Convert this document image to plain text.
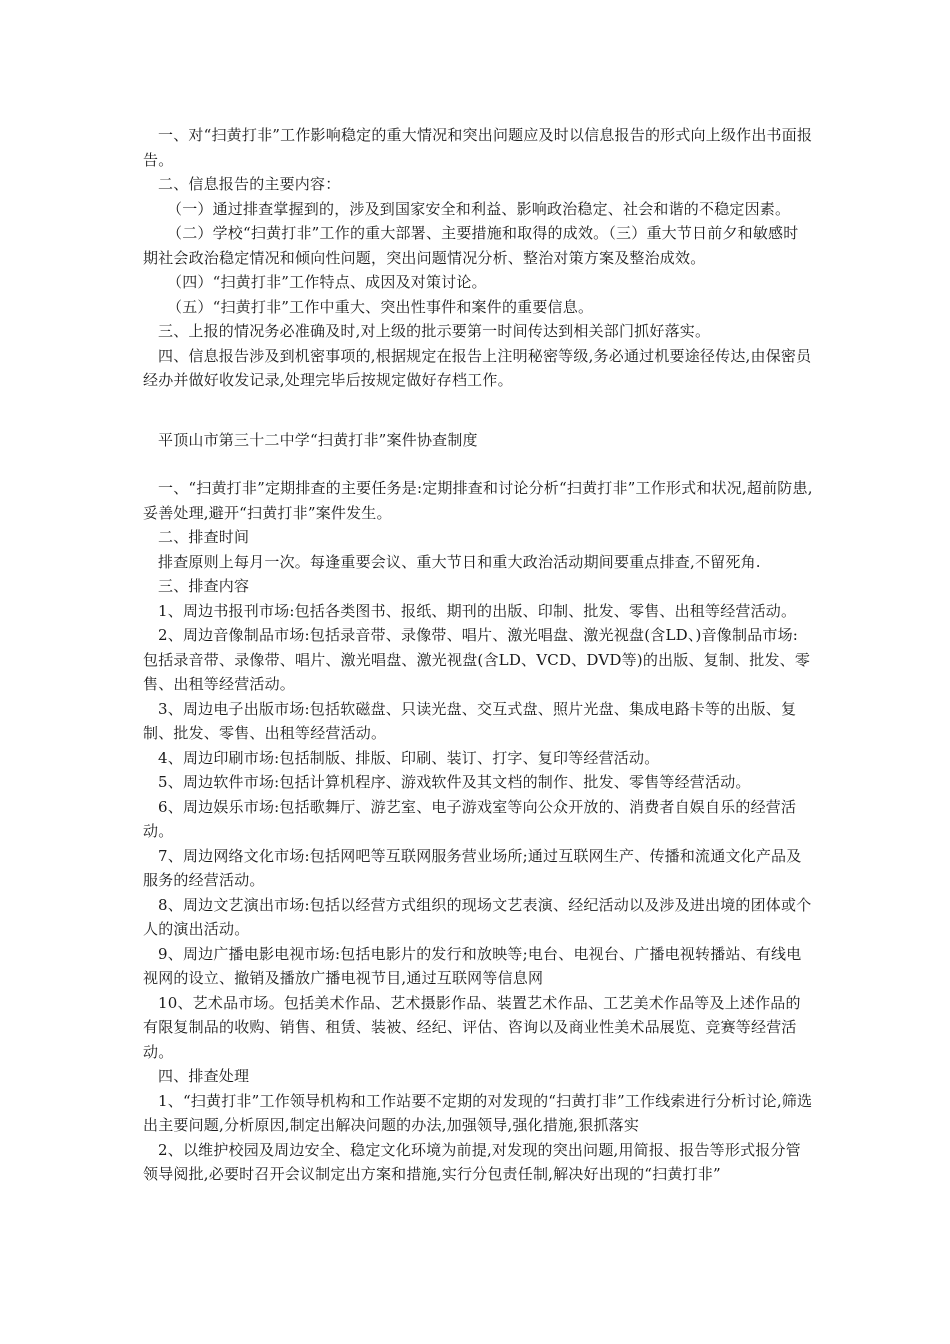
一、对“扫黄打非”工作影响稳定的重大情况和突出问题应及时以信息报告的形式向上级作出书面报告。

二、信息报告的主要内容：

（一）通过排查掌握到的，涉及到国家安全和利益、影响政治稳定、社会和谐的不稳定因素。

（二）学校“扫黄打非”工作的重大部署、主要措施和取得的成效。（三）重大节日前夕和敏感时期社会政治稳定情况和倾向性问题，突出问题情况分析、整治对策方案及整治成效。

（四）“扫黄打非”工作特点、成因及对策讨论。

（五）“扫黄打非”工作中重大、突出性事件和案件的重要信息。

三、上报的情况务必准确及时,对上级的批示要第一时间传达到相关部门抓好落实。

四、信息报告涉及到机密事项的,根据规定在报告上注明秘密等级,务必通过机要途径传达,由保密员经办并做好收发记录,处理完毕后按规定做好存档工作。

平顶山市第三十二中学“扫黄打非”案件协查制度

一、“扫黄打非”定期排查的主要任务是:定期排查和讨论分析“扫黄打非”工作形式和状况,超前防患,妥善处理,避开“扫黄打非”案件发生。

二、排查时间

排查原则上每月一次。每逢重要会议、重大节日和重大政治活动期间要重点排查,不留死角.

三、排查内容

1、周边书报刊市场:包括各类图书、报纸、期刊的出版、印制、批发、零售、出租等经营活动。

2、周边音像制品市场:包括录音带、录像带、唱片、激光唱盘、激光视盘(含LD、)音像制品市场:包括录音带、录像带、唱片、激光唱盘、激光视盘(含LD、VCD、DVD等)的出版、复制、批发、零售、出租等经营活动。

3、周边电子出版市场:包括软磁盘、只读光盘、交互式盘、照片光盘、集成电路卡等的出版、复制、批发、零售、出租等经营活动。

4、周边印刷市场:包括制版、排版、印刷、装订、打字、复印等经营活动。

5、周边软件市场:包括计算机程序、游戏软件及其文档的制作、批发、零售等经营活动。

6、周边娱乐市场:包括歌舞厅、游艺室、电子游戏室等向公众开放的、消费者自娱自乐的经营活动。

7、周边网络文化市场:包括网吧等互联网服务营业场所;通过互联网生产、传播和流通文化产品及服务的经营活动。

8、周边文艺演出市场:包括以经营方式组织的现场文艺表演、经纪活动以及涉及进出境的团体或个人的演出活动。

9、周边广播电影电视市场:包括电影片的发行和放映等;电台、电视台、广播电视转播站、有线电视网的设立、撤销及播放广播电视节目,通过互联网等信息网

10、艺术品市场。包括美术作品、艺术摄影作品、装置艺术作品、工艺美术作品等及上述作品的有限复制品的收购、销售、租赁、装被、经纪、评估、咨询以及商业性美术品展览、竞赛等经营活动。

四、排查处理

1、“扫黄打非”工作领导机构和工作站要不定期的对发现的“扫黄打非”工作线索进行分析讨论,筛选出主要问题,分析原因,制定出解决问题的办法,加强领导,强化措施,狠抓落实

2、以维护校园及周边安全、稳定文化环境为前提,对发现的突出问题,用简报、报告等形式报分管领导阅批,必要时召开会议制定出方案和措施,实行分包责任制,解决好出现的“扫黄打非”
